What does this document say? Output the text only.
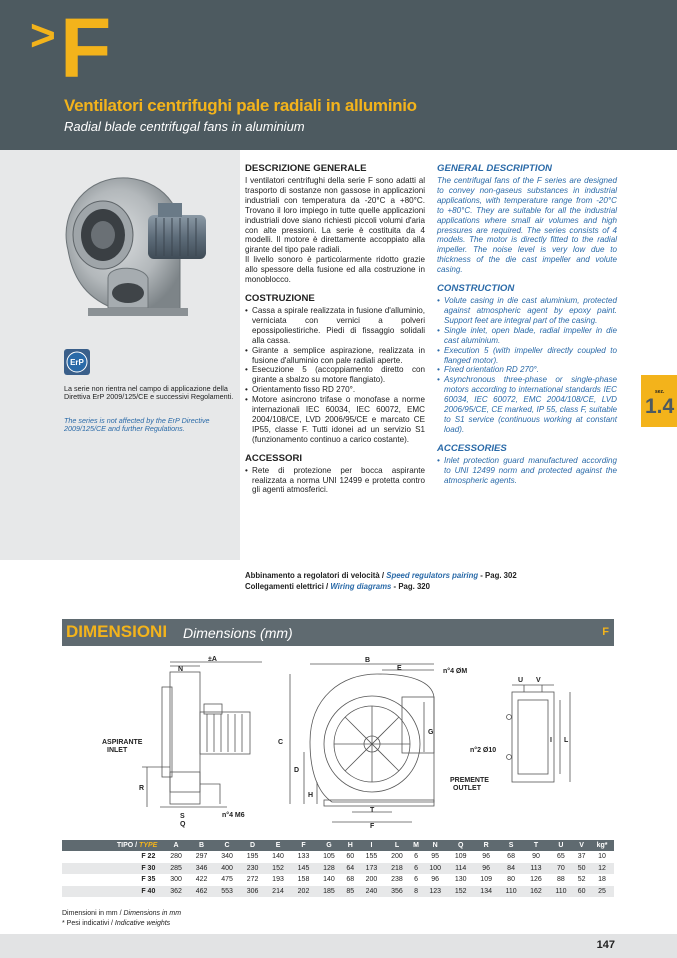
> F
Ventilatori centrifughi pale radiali in alluminio
Radial blade centrifugal fans in aluminium
ErP
La serie non rientra nel campo di applicazione della Direttiva ErP 2009/125/CE e successivi Regolamenti.
The series is not affected by the ErP Directive 2009/125/CE and further Regulations.
DESCRIZIONE GENERALE
I ventilatori centrifughi della serie F sono adatti al trasporto di sostanze non gassose in applicazioni industriali con temperatura da -20°C a +80°C. Trovano il loro impiego in tutte quelle applicazioni industriali dove siano richiesti piccoli volumi d'aria con alte pressioni. La serie è costituita da 4 modelli. Il motore è direttamente accoppiato alla girante del tipo pale radiali.
Il livello sonoro è particolarmente ridotto grazie allo spessore della fusione ed alla costruzione in monoblocco.
COSTRUZIONE
• Cassa a spirale realizzata in fusione d'alluminio, verniciata con vernici a polveri epossipoliestiriche. Piedi di fissaggio solidali alla cassa.
• Girante a semplice aspirazione, realizzata in fusione d'alluminio con pale radiali aperte.
• Esecuzione 5 (accoppiamento diretto con girante a sbalzo su motore flangiato).
• Orientamento fisso RD 270°.
• Motore asincrono trifase o monofase a norme internazionali IEC 60034, IEC 60072, EMC 2004/108/CE, LVD 2006/95/CE e marcato CE IP55, classe F. Tutti idonei ad un servizio S1 (funzionamento continuo a carico costante).
ACCESSORI
• Rete di protezione per bocca aspirante realizzata a norma UNI 12499 e protetta contro gli agenti atmosferici.
GENERAL DESCRIPTION
The centrifugal fans of the F series are designed to convey non-gaseus substances in industrial applications, with temperature range from -20°C to +80°C. They are suitable for all the industrial applications where small air volumes and high pressures are required. The series consists of 4 models. The motor is directly fitted to the radial impeller. The noise level is very low due to thickness of the die cast impeller and volute casing.
CONSTRUCTION
• Volute casing in die cast aluminium, protected against atmospheric agent by epoxy paint. Support feet are integral part of the casing.
• Single inlet, open blade, radial impeller in die cast aluminium.
• Execution 5 (with impeller directly coupled to flanged motor).
• Fixed orientation RD 270°.
• Asynchronous three-phase or single-phase motors according to international standards IEC 60034, IEC 60072, EMC 2004/108/CE, LVD 2006/95/CE, CE marked, IP 55, class F, suitable to S1 service (continuous working at constant load).
ACCESSORIES
• Inlet protection guard manufactured according to UNI 12499 norm and protected against the atmospheric agents.
sez.
1.4
Abbinamento a regolatori di velocità / Speed regulators pairing - Pag. 302
Collegamenti elettrici / Wiring diagrams - Pag. 320
DIMENSIONI Dimensions (mm)	F
N
±A
ASPIRANTE
INLET
R
S
Q
n°4 M6
B
E	n°4 ØM
C
D
H
G
T
F
PREMENTE
OUTLET
U V
I L
n°2 Ø10
TIPO / TYPE	A	B	C	D	E	F	G	H	I	L	M	N	Q	R	S	T	U	V	kg*
F 22	280	297	340	195	140	133	105	60	155	200	6	95	109	96	68	90	65	37	10
F 30	285	346	400	230	152	145	128	64	173	218	6	100	114	96	84	113	70	50	12
F 35	300	422	475	272	193	158	140	68	200	238	6	96	130	109	80	126	88	52	18
F 40	362	462	553	306	214	202	185	85	240	356	8	123	152	134	110	162	110	60	25
Dimensioni in mm / Dimensions in mm
* Pesi indicativi / Indicative weights
147
